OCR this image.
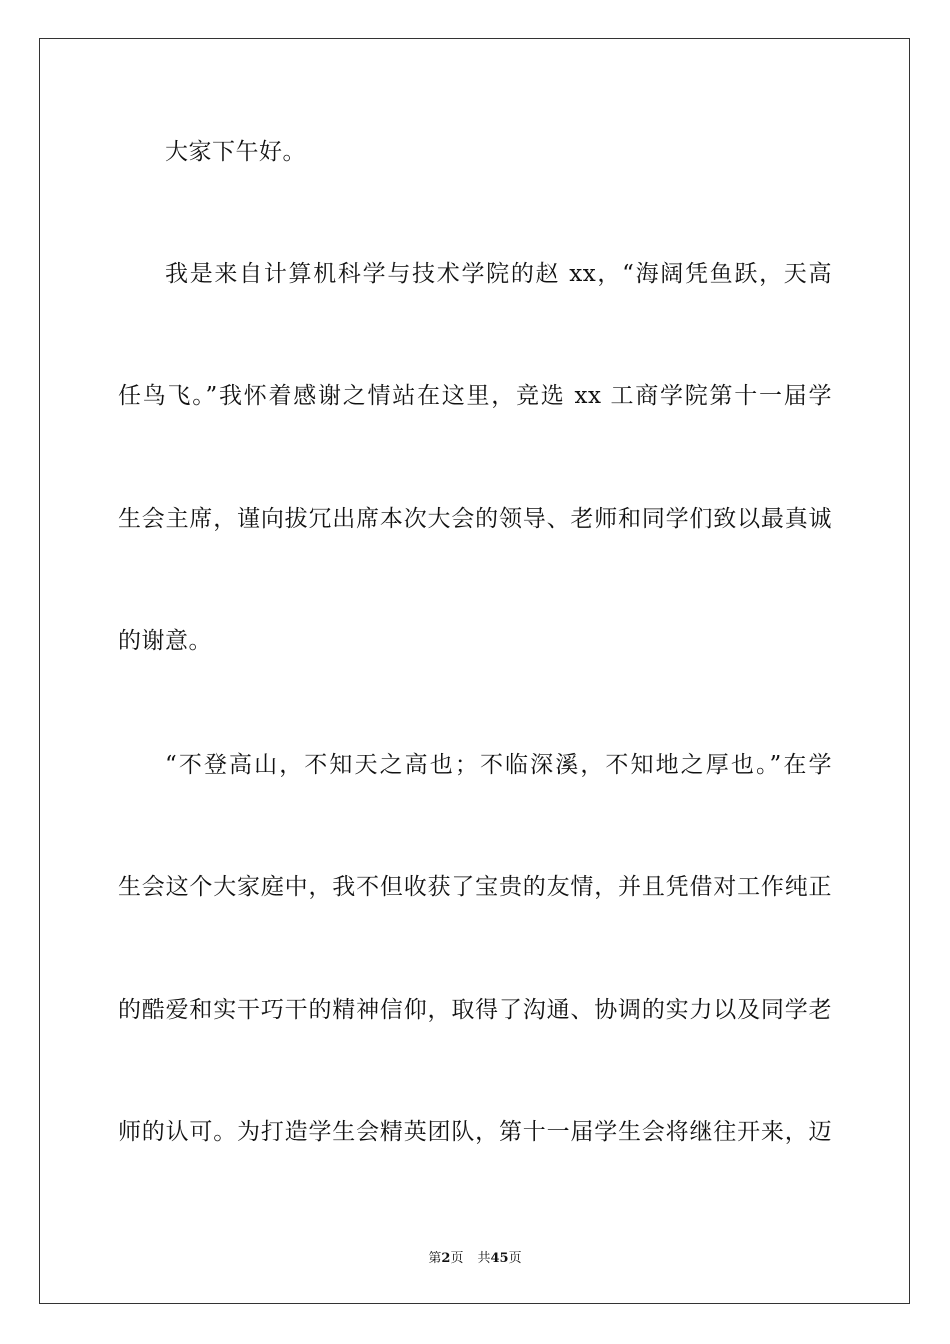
大家下午好。
我是来自计算机科学与技术学院的赵 xx，“海阔凭鱼跃，天高
任鸟飞。”我怀着感谢之情站在这里，竞选 xx 工商学院第十一届学
生会主席，谨向拔冗出席本次大会的领导、老师和同学们致以最真诚
的谢意。
“不登高山，不知天之高也；不临深溪，不知地之厚也。”在学
生会这个大家庭中，我不但收获了宝贵的友情，并且凭借对工作纯正
的酷爱和实干巧干的精神信仰，取得了沟通、协调的实力以及同学老
师的认可。为打造学生会精英团队，第十一届学生会将继往开来，迈
第2页 共45页
